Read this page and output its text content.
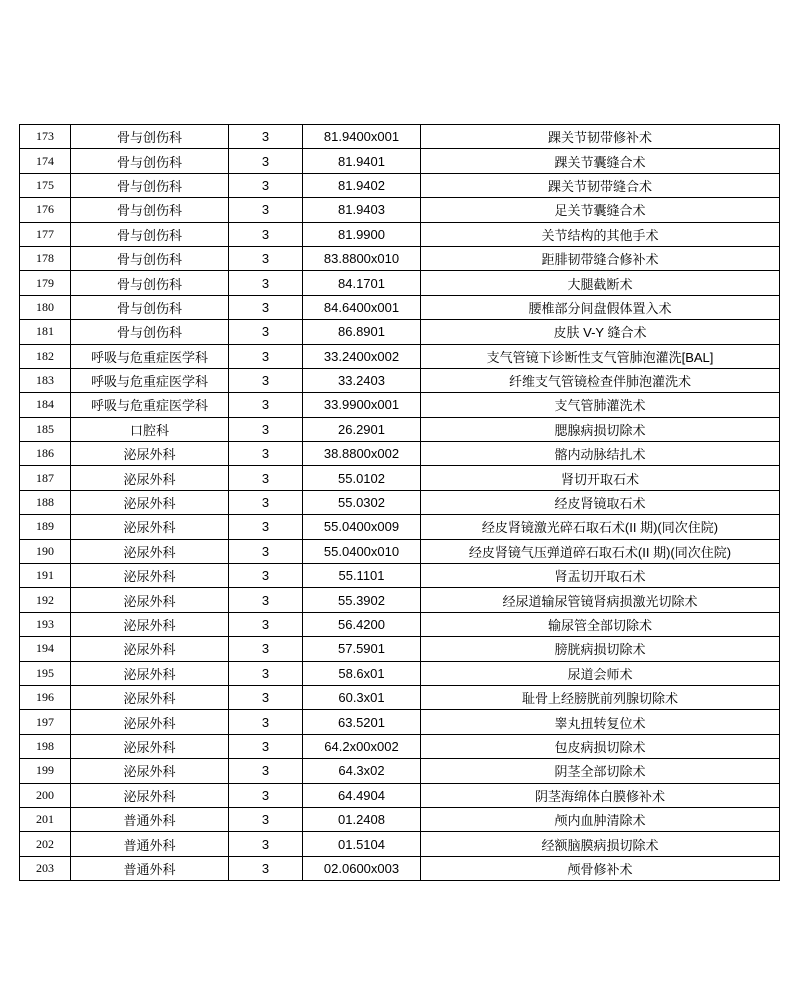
173	骨与创伤科	3	81.9400x001	踝关节韧带修补术
174	骨与创伤科	3	81.9401	踝关节囊缝合术
175	骨与创伤科	3	81.9402	踝关节韧带缝合术
176	骨与创伤科	3	81.9403	足关节囊缝合术
177	骨与创伤科	3	81.9900	关节结构的其他手术
178	骨与创伤科	3	83.8800x010	距腓韧带缝合修补术
179	骨与创伤科	3	84.1701	大腿截断术
180	骨与创伤科	3	84.6400x001	腰椎部分间盘假体置入术
181	骨与创伤科	3	86.8901	皮肤 V-Y 缝合术
182	呼吸与危重症医学科	3	33.2400x002	支气管镜下诊断性支气管肺泡灌洗[BAL]
183	呼吸与危重症医学科	3	33.2403	纤维支气管镜检查伴肺泡灌洗术
184	呼吸与危重症医学科	3	33.9900x001	支气管肺灌洗术
185	口腔科	3	26.2901	腮腺病损切除术
186	泌尿外科	3	38.8800x002	髂内动脉结扎术
187	泌尿外科	3	55.0102	肾切开取石术
188	泌尿外科	3	55.0302	经皮肾镜取石术
189	泌尿外科	3	55.0400x009	经皮肾镜激光碎石取石术(II 期)(同次住院)
190	泌尿外科	3	55.0400x010	经皮肾镜气压弹道碎石取石术(II 期)(同次住院)
191	泌尿外科	3	55.1101	肾盂切开取石术
192	泌尿外科	3	55.3902	经尿道输尿管镜肾病损激光切除术
193	泌尿外科	3	56.4200	输尿管全部切除术
194	泌尿外科	3	57.5901	膀胱病损切除术
195	泌尿外科	3	58.6x01	尿道会师术
196	泌尿外科	3	60.3x01	耻骨上经膀胱前列腺切除术
197	泌尿外科	3	63.5201	睾丸扭转复位术
198	泌尿外科	3	64.2x00x002	包皮病损切除术
199	泌尿外科	3	64.3x02	阴茎全部切除术
200	泌尿外科	3	64.4904	阴茎海绵体白膜修补术
201	普通外科	3	01.2408	颅内血肿清除术
202	普通外科	3	01.5104	经额脑膜病损切除术
203	普通外科	3	02.0600x003	颅骨修补术
